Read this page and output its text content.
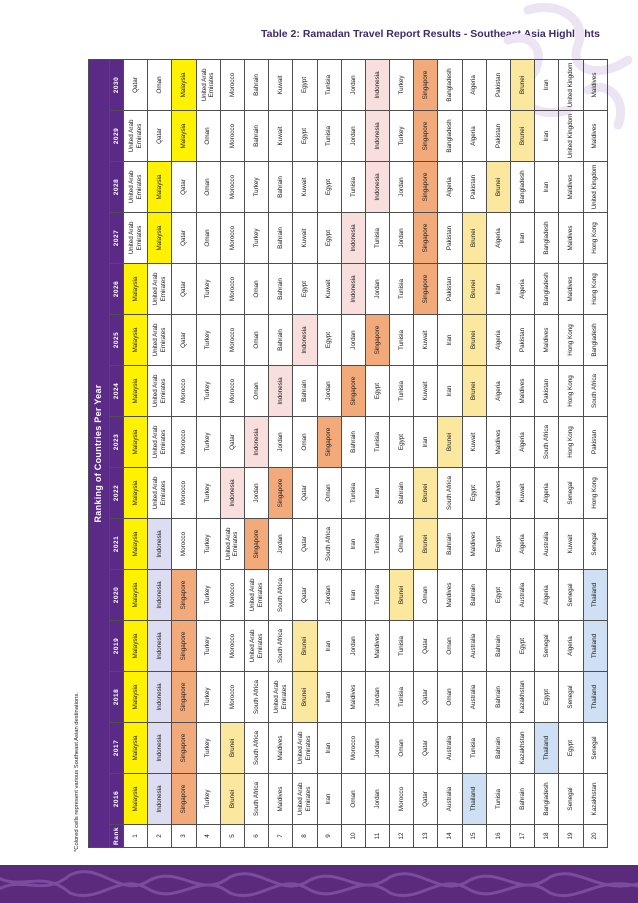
Table 2: Ramadan Travel Report Results - Southeast Asia Highlights
Ranking of Countries Per Year															
Rank	2016	2017	2018	2019	2020	2021	2022	2023	2024	2025	2026	2027	2028	2029	2030
1	Malaysia	Malaysia	Malaysia	Malaysia	Malaysia	Malaysia	Malaysia	Malaysia	Malaysia	Malaysia	Malaysia	United Arab Emirates	United Arab Emirates	United Arab Emirates	Qatar
2	Indonesia	Indonesia	Indonesia	Indonesia	Indonesia	Indonesia	United Arab Emirates	United Arab Emirates	United Arab Emirates	United Arab Emirates	United Arab Emirates	Malaysia	Malaysia	Qatar	Oman
3	Singapore	Singapore	Singapore	Singapore	Singapore	Morocco	Morocco	Morocco	Morocco	Qatar	Qatar	Qatar	Qatar	Malaysia	Malaysia
4	Turkey	Turkey	Turkey	Turkey	Turkey	Turkey	Turkey	Turkey	Turkey	Turkey	Turkey	Oman	Oman	Oman	United Arab Emirates
5	Brunei	Brunei	Morocco	Morocco	Morocco	United Arab Emirates	Indonesia	Qatar	Morocco	Morocco	Morocco	Morocco	Morocco	Morocco	Morocco
6	South Africa	South Africa	South Africa	United Arab Emirates	United Arab Emirates	Singapore	Jordan	Indonesia	Oman	Oman	Oman	Turkey	Turkey	Bahrain	Bahrain
7	Maldives	Maldives	United Arab Emirates	South Africa	South Africa	Jordan	Singapore	Jordan	Indonesia	Bahrain	Bahrain	Bahrain	Bahrain	Kuwait	Kuwait
8	United Arab Emirates	United Arab Emirates	Brunei	Brunei	Qatar	Qatar	Qatar	Oman	Bahrain	Indonesia	Egypt	Kuwait	Kuwait	Egypt	Egypt
9	Iran	Iran	Iran	Iran	Jordan	South Africa	Oman	Singapore	Jordan	Egypt	Kuwait	Egypt	Egypt	Tunisia	Tunisia
10	Oman	Morocco	Maldives	Jordan	Iran	Iran	Tunisia	Bahrain	Singapore	Jordan	Indonesia	Indonesia	Tunisia	Jordan	Jordan
11	Jordan	Jordan	Jordan	Maldives	Tunisia	Tunisia	Iran	Tunisia	Egypt	Singapore	Jordan	Tunisia	Indonesia	Indonesia	Indonesia
12	Morocco	Oman	Tunisia	Tunisia	Brunei	Oman	Bahrain	Egypt	Tunisia	Tunisia	Tunisia	Jordan	Jordan	Turkey	Turkey
13	Qatar	Qatar	Qatar	Qatar	Oman	Brunei	Brunei	Iran	Kuwait	Kuwait	Singapore	Singapore	Singapore	Singapore	Singapore
14	Australia	Australia	Oman	Oman	Maldives	Bahrain	South Africa	Brunei	Iran	Iran	Pakistan	Pakistan	Algeria	Bangladesh	Bangladesh
15	Thailand	Tunisia	Australia	Australia	Bahrain	Maldives	Egypt	Kuwait	Brunei	Brunei	Brunei	Brunei	Pakistan	Algeria	Algeria
16	Tunisia	Bahrain	Bahrain	Bahrain	Egypt	Egypt	Maldives	Maldives	Algeria	Algeria	Iran	Algeria	Brunei	Pakistan	Pakistan
17	Bahrain	Kazakhstan	Kazakhstan	Egypt	Australia	Algeria	Kuwait	Algeria	Maldives	Pakistan	Algeria	Iran	Bangladesh	Brunei	Brunei
18	Bangladesh	Thailand	Egypt	Senegal	Algeria	Australia	Algeria	South Africa	Pakistan	Maldives	Bangladesh	Bangladesh	Iran	Iran	Iran
19	Senegal	Egypt	Senegal	Algeria	Senegal	Kuwait	Senegal	Hong Kong	Hong Kong	Hong Kong	Maldives	Maldives	Maldives	United Kingdom	United Kingdom
20	Kazakhstan	Senegal	Thailand	Thailand	Thailand	Senegal	Hong Kong	Pakistan	South Africa	Bangladesh	Hong Kong	Hong Kong	United Kingdom	Maldives	Maldives
*Colored cells represent various Southeast Asian destinations.
